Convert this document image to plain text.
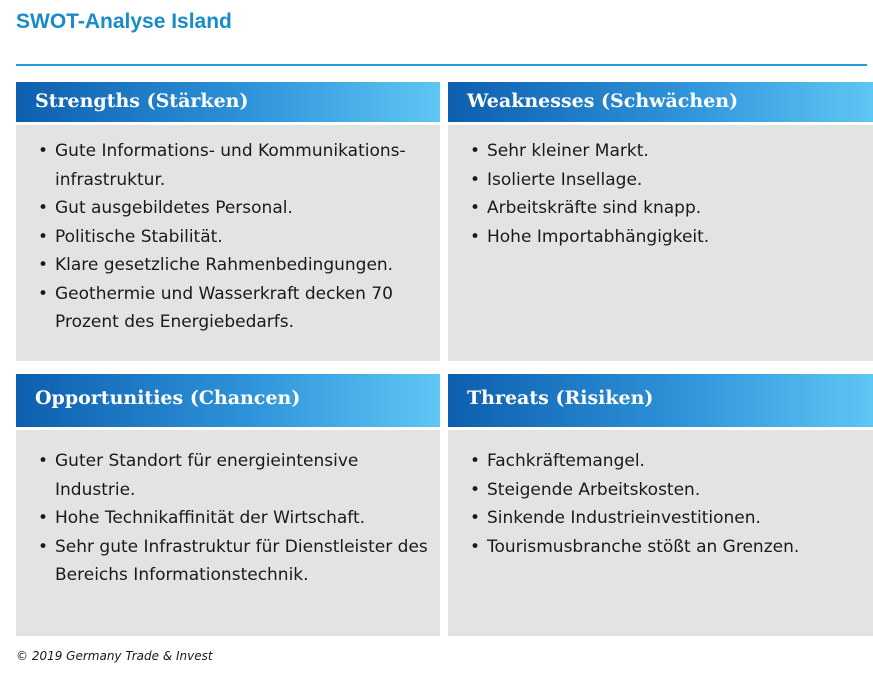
SWOT-Analyse Island
Strengths (Stärken)
• Gute Informations- und Kommunikations-infrastruktur.
• Gut ausgebildetes Personal.
• Politische Stabilität.
• Klare gesetzliche Rahmenbedingungen.
• Geothermie und Wasserkraft decken 70 Prozent des Energiebedarfs.
Weaknesses (Schwächen)
• Sehr kleiner Markt.
• Isolierte Insellage.
• Arbeitskräfte sind knapp.
• Hohe Importabhängigkeit.
Opportunities (Chancen)
• Guter Standort für energieintensive Industrie.
• Hohe Technikaffinität der Wirtschaft.
• Sehr gute Infrastruktur für Dienstleister des Bereichs Informationstechnik.
Threats (Risiken)
• Fachkräftemangel.
• Steigende Arbeitskosten.
• Sinkende Industrieinvestitionen.
• Tourismusbranche stößt an Grenzen.
© 2019 Germany Trade & Invest
